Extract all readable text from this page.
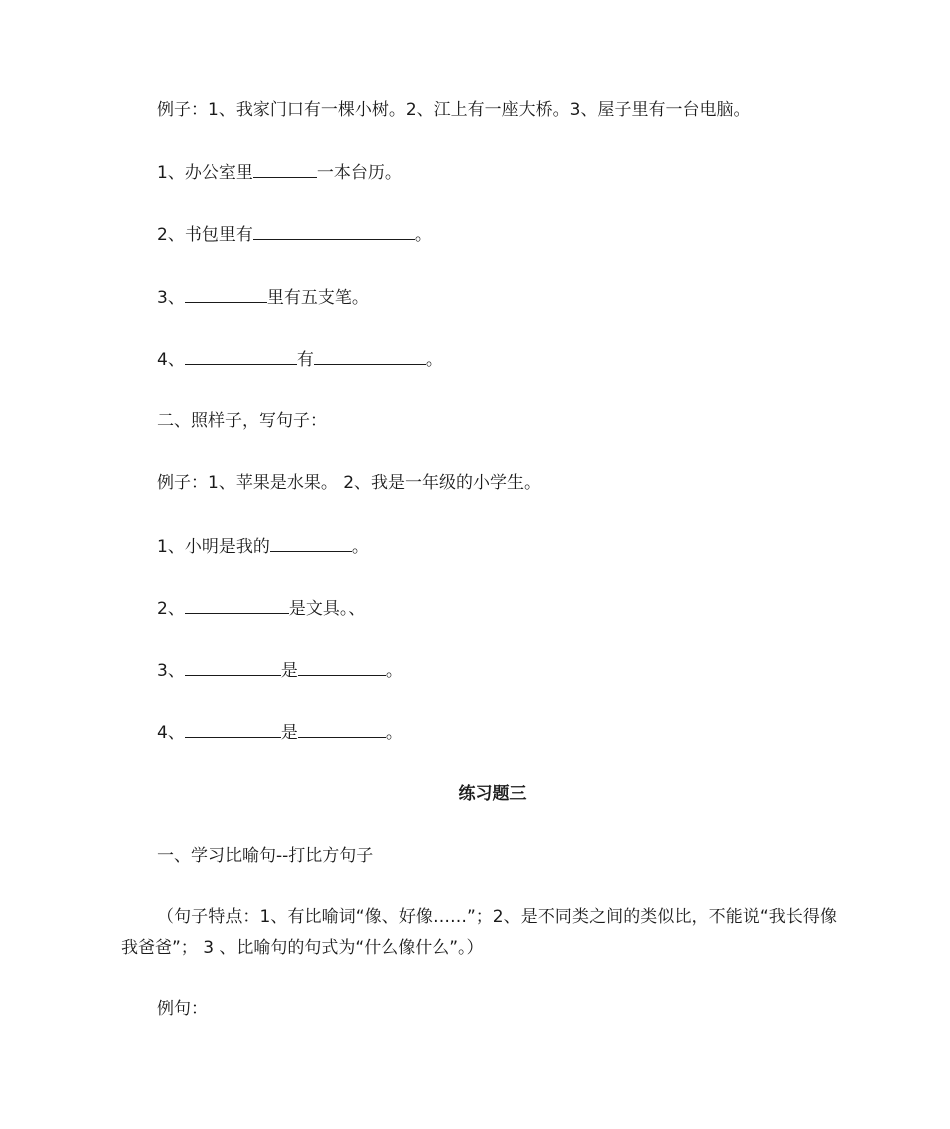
例子：1、我家门口有一棵小树。2、江上有一座大桥。3、屋子里有一台电脑。
1、办公室里	一本台历。
2、书包里有	。
3、	里有五支笔。
4、	有	。
二、照样子，写句子：
例子：1、苹果是水果。 2、我是一年级的小学生。
1、小明是我的	。
2、	是文具。、
3、	是	。
4、	是	。
练习题三
一、学习比喻句--打比方句子
（句子特点：1、有比喻词“像、好像……”；2、是不同类之间的类似比，不能说“我长得像我爸爸”； 3 、比喻句的句式为“什么像什么”。）
例句：
